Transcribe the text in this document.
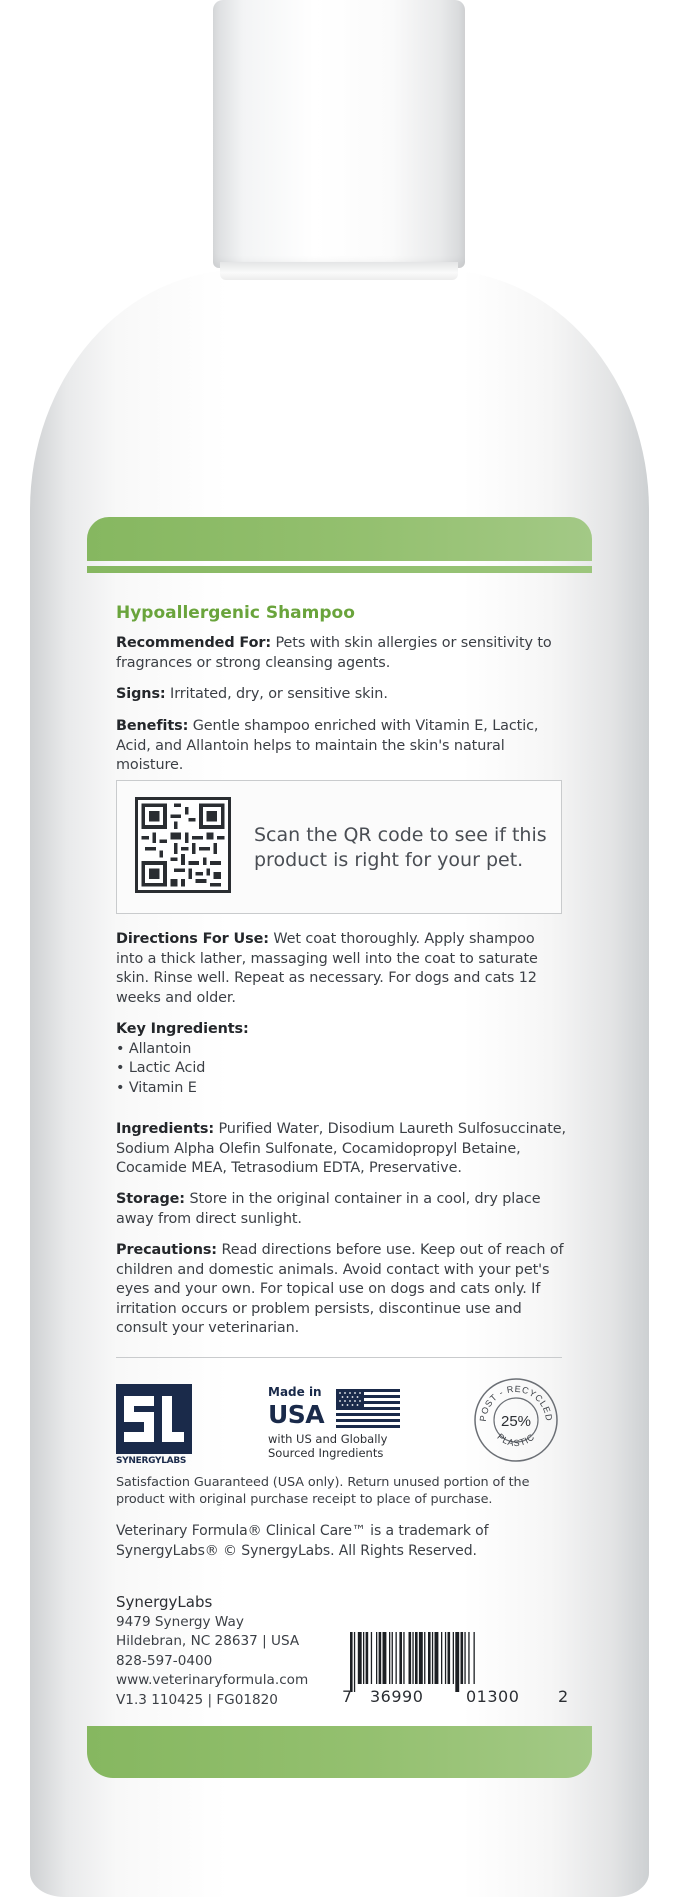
Hypoallergenic Shampoo
Recommended For: Pets with skin allergies or sensitivity to fragrances or strong cleansing agents.
Signs: Irritated, dry, or sensitive skin.
Benefits: Gentle shampoo enriched with Vitamin E, Lactic, Acid, and Allantoin helps to maintain the skin's natural moisture.
Scan the QR code to see if this product is right for your pet.
Directions For Use: Wet coat thoroughly. Apply shampoo into a thick lather, massaging well into the coat to saturate skin. Rinse well. Repeat as necessary. For dogs and cats 12 weeks and older.
Key Ingredients:
• Allantoin
• Lactic Acid
• Vitamin E
Ingredients: Purified Water, Disodium Laureth Sulfosuccinate, Sodium Alpha Olefin Sulfonate, Cocamidopropyl Betaine, Cocamide MEA, Tetrasodium EDTA, Preservative.
Storage: Store in the original container in a cool, dry place away from direct sunlight.
Precautions: Read directions before use. Keep out of reach of children and domestic animals. Avoid contact with your pet's eyes and your own. For topical use on dogs and cats only. If irritation occurs or problem persists, discontinue use and consult your veterinarian.
SYNERGYLABS
Made in
USA
with US and Globally Sourced Ingredients
POST - RECYCLED
25%
PLASTIC
Satisfaction Guaranteed (USA only). Return unused portion of the product with original purchase receipt to place of purchase.
Veterinary Formula® Clinical Care™ is a trademark of SynergyLabs® © SynergyLabs. All Rights Reserved.
SynergyLabs
9479 Synergy Way
Hildebran, NC 28637 | USA
828-597-0400
www.veterinaryformula.com
V1.3 110425 | FG01820	7 36990	01300 2
